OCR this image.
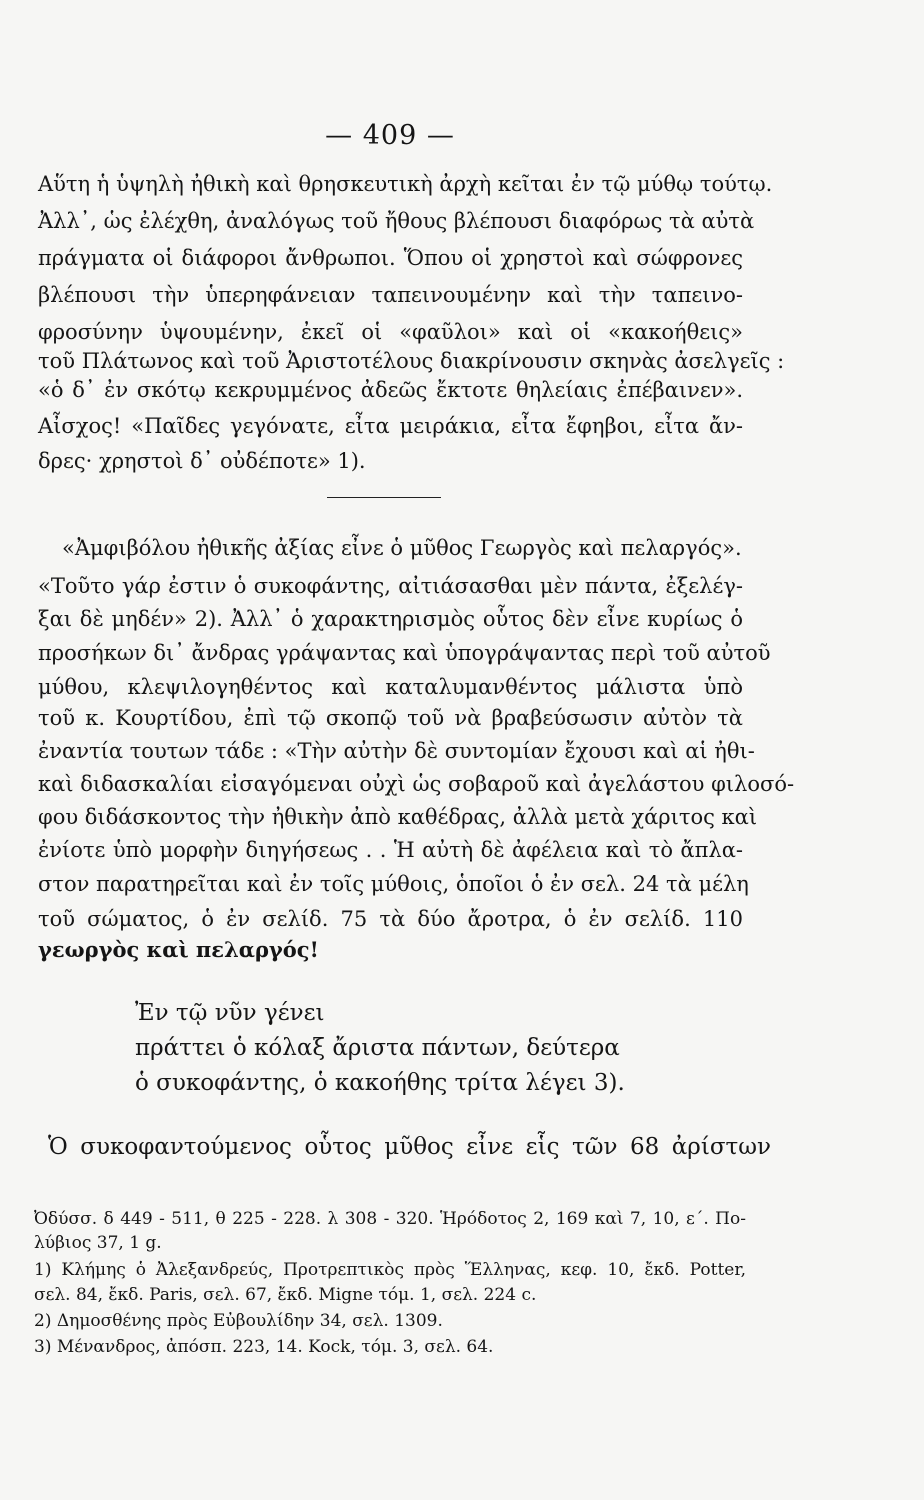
— 409 —
Αὕτη ἡ ὑψηλὴ ἠθικὴ καὶ θρησκευτικὴ ἀρχὴ κεῖται ἐν τῷ μύθῳ τούτῳ.
Ἀλλ᾽, ὡς ἐλέχθη, ἀναλόγως τοῦ ἤθους βλέπουσι διαφόρως τὰ αὐτὰ
πράγματα οἱ διάφοροι ἄνθρωποι. Ὅπου οἱ χρηστοὶ καὶ σώφρονες
βλέπουσι τὴν ὑπερηφάνειαν ταπεινουμένην καὶ τὴν ταπεινο-
φροσύνην ὑψουμένην, ἐκεῖ οἱ «φαῦλοι» καὶ οἱ «κακοήθεις»
τοῦ Πλάτωνος καὶ τοῦ Ἀριστοτέλους διακρίνουσιν σκηνὰς ἀσελγεῖς :
«ὁ δ᾽ ἐν σκότῳ κεκρυμμένος ἀδεῶς ἔκτοτε θηλείαις ἐπέβαινεν».
Αἶσχος! «Παῖδες γεγόνατε, εἶτα μειράκια, εἶτα ἔφηβοι, εἶτα ἄν-
δρες· χρηστοὶ δ᾽ οὐδέποτε» 1).
«Ἀμφιβόλου ἠθικῆς ἀξίας εἶνε ὁ μῦθος Γεωργὸς καὶ πελαργός».
«Τοῦτο γάρ ἐστιν ὁ συκοφάντης, αἰτιάσασθαι μὲν πάντα, ἐξελέγ-
ξαι δὲ μηδέν» 2). Ἀλλ᾽ ὁ χαρακτηρισμὸς οὗτος δὲν εἶνε κυρίως ὁ
προσήκων δι᾽ ἄνδρας γράψαντας καὶ ὑπογράψαντας περὶ τοῦ αὐτοῦ
μύθου, κλεψιλογηθέντος καὶ καταλυμανθέντος μάλιστα ὑπὸ
τοῦ κ. Κουρτίδου, ἐπὶ τῷ σκοπῷ τοῦ νὰ βραβεύσωσιν αὐτὸν τὰ
ἐναντία τουτων τάδε : «Τὴν αὐτὴν δὲ συντομίαν ἔχουσι καὶ αἱ ἠθι-
καὶ διδασκαλίαι εἰσαγόμεναι οὐχὶ ὡς σοβαροῦ καὶ ἀγελάστου φιλοσό-
φου διδάσκοντος τὴν ἠθικὴν ἀπὸ καθέδρας, ἀλλὰ μετὰ χάριτος καὶ
ἐνίοτε ὑπὸ μορφὴν διηγήσεως . . Ἡ αὐτὴ δὲ ἀφέλεια καὶ τὸ ἄπλα-
στον παρατηρεῖται καὶ ἐν τοῖς μύθοις, ὁποῖοι ὁ ἐν σελ. 24 τὰ μέλη
τοῦ σώματος, ὁ ἐν σελίδ. 75 τὰ δύο ἄροτρα, ὁ ἐν σελίδ. 110
γεωργὸς καὶ πελαργός!
Ἐν τῷ νῦν γένει
πράττει ὁ κόλαξ ἄριστα πάντων, δεύτερα
ὁ συκοφάντης, ὁ κακοήθης τρίτα λέγει 3).
Ὁ συκοφαντούμενος οὗτος μῦθος εἶνε εἷς τῶν 68 ἀρίστων
Ὀδύσσ. δ 449 - 511, θ 225 - 228. λ 308 - 320. Ἡρόδοτος 2, 169 καὶ 7, 10, ε΄. Πο-
λύβιος 37, 1 g.
1) Κλήμης ὁ Ἀλεξανδρεύς, Προτρεπτικὸς πρὸς Ἕλληνας, κεφ. 10, ἔκδ. Potter,
σελ. 84, ἔκδ. Paris, σελ. 67, ἔκδ. Migne τόμ. 1, σελ. 224 c.
2) Δημοσθένης πρὸς Εὐβουλίδην 34, σελ. 1309.
3) Μένανδρος, ἀπόσπ. 223, 14. Kock, τόμ. 3, σελ. 64.
